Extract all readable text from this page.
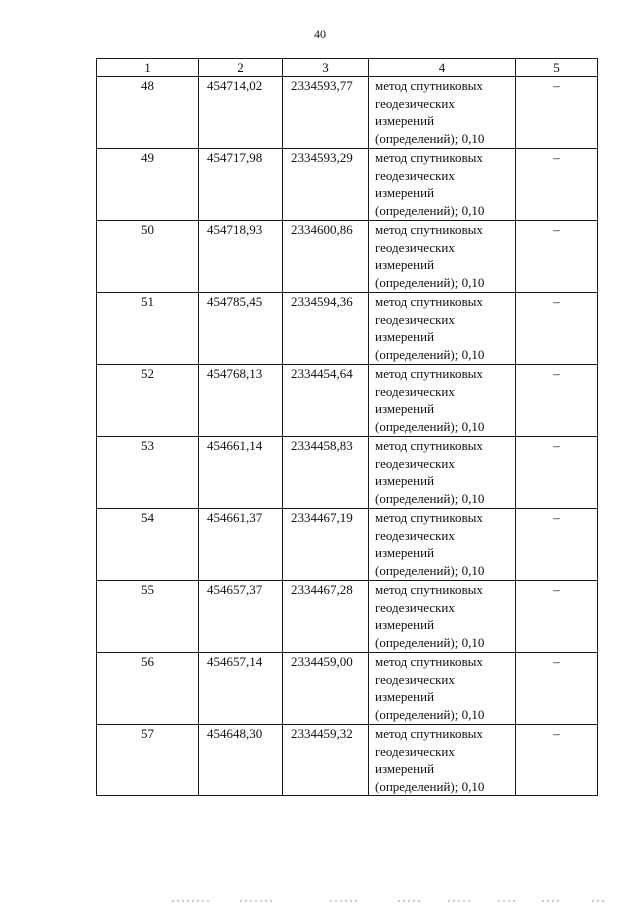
40
1	2	3	4	5
48	454714,02	2334593,77	метод спутниковых
геодезических
измерений
(определений); 0,10	–
49	454717,98	2334593,29	метод спутниковых
геодезических
измерений
(определений); 0,10	–
50	454718,93	2334600,86	метод спутниковых
геодезических
измерений
(определений); 0,10	–
51	454785,45	2334594,36	метод спутниковых
геодезических
измерений
(определений); 0,10	–
52	454768,13	2334454,64	метод спутниковых
геодезических
измерений
(определений); 0,10	–
53	454661,14	2334458,83	метод спутниковых
геодезических
измерений
(определений); 0,10	–
54	454661,37	2334467,19	метод спутниковых
геодезических
измерений
(определений); 0,10	–
55	454657,37	2334467,28	метод спутниковых
геодезических
измерений
(определений); 0,10	–
56	454657,14	2334459,00	метод спутниковых
геодезических
измерений
(определений); 0,10	–
57	454648,30	2334459,32	метод спутниковых
геодезических
измерений
(определений); 0,10	–
